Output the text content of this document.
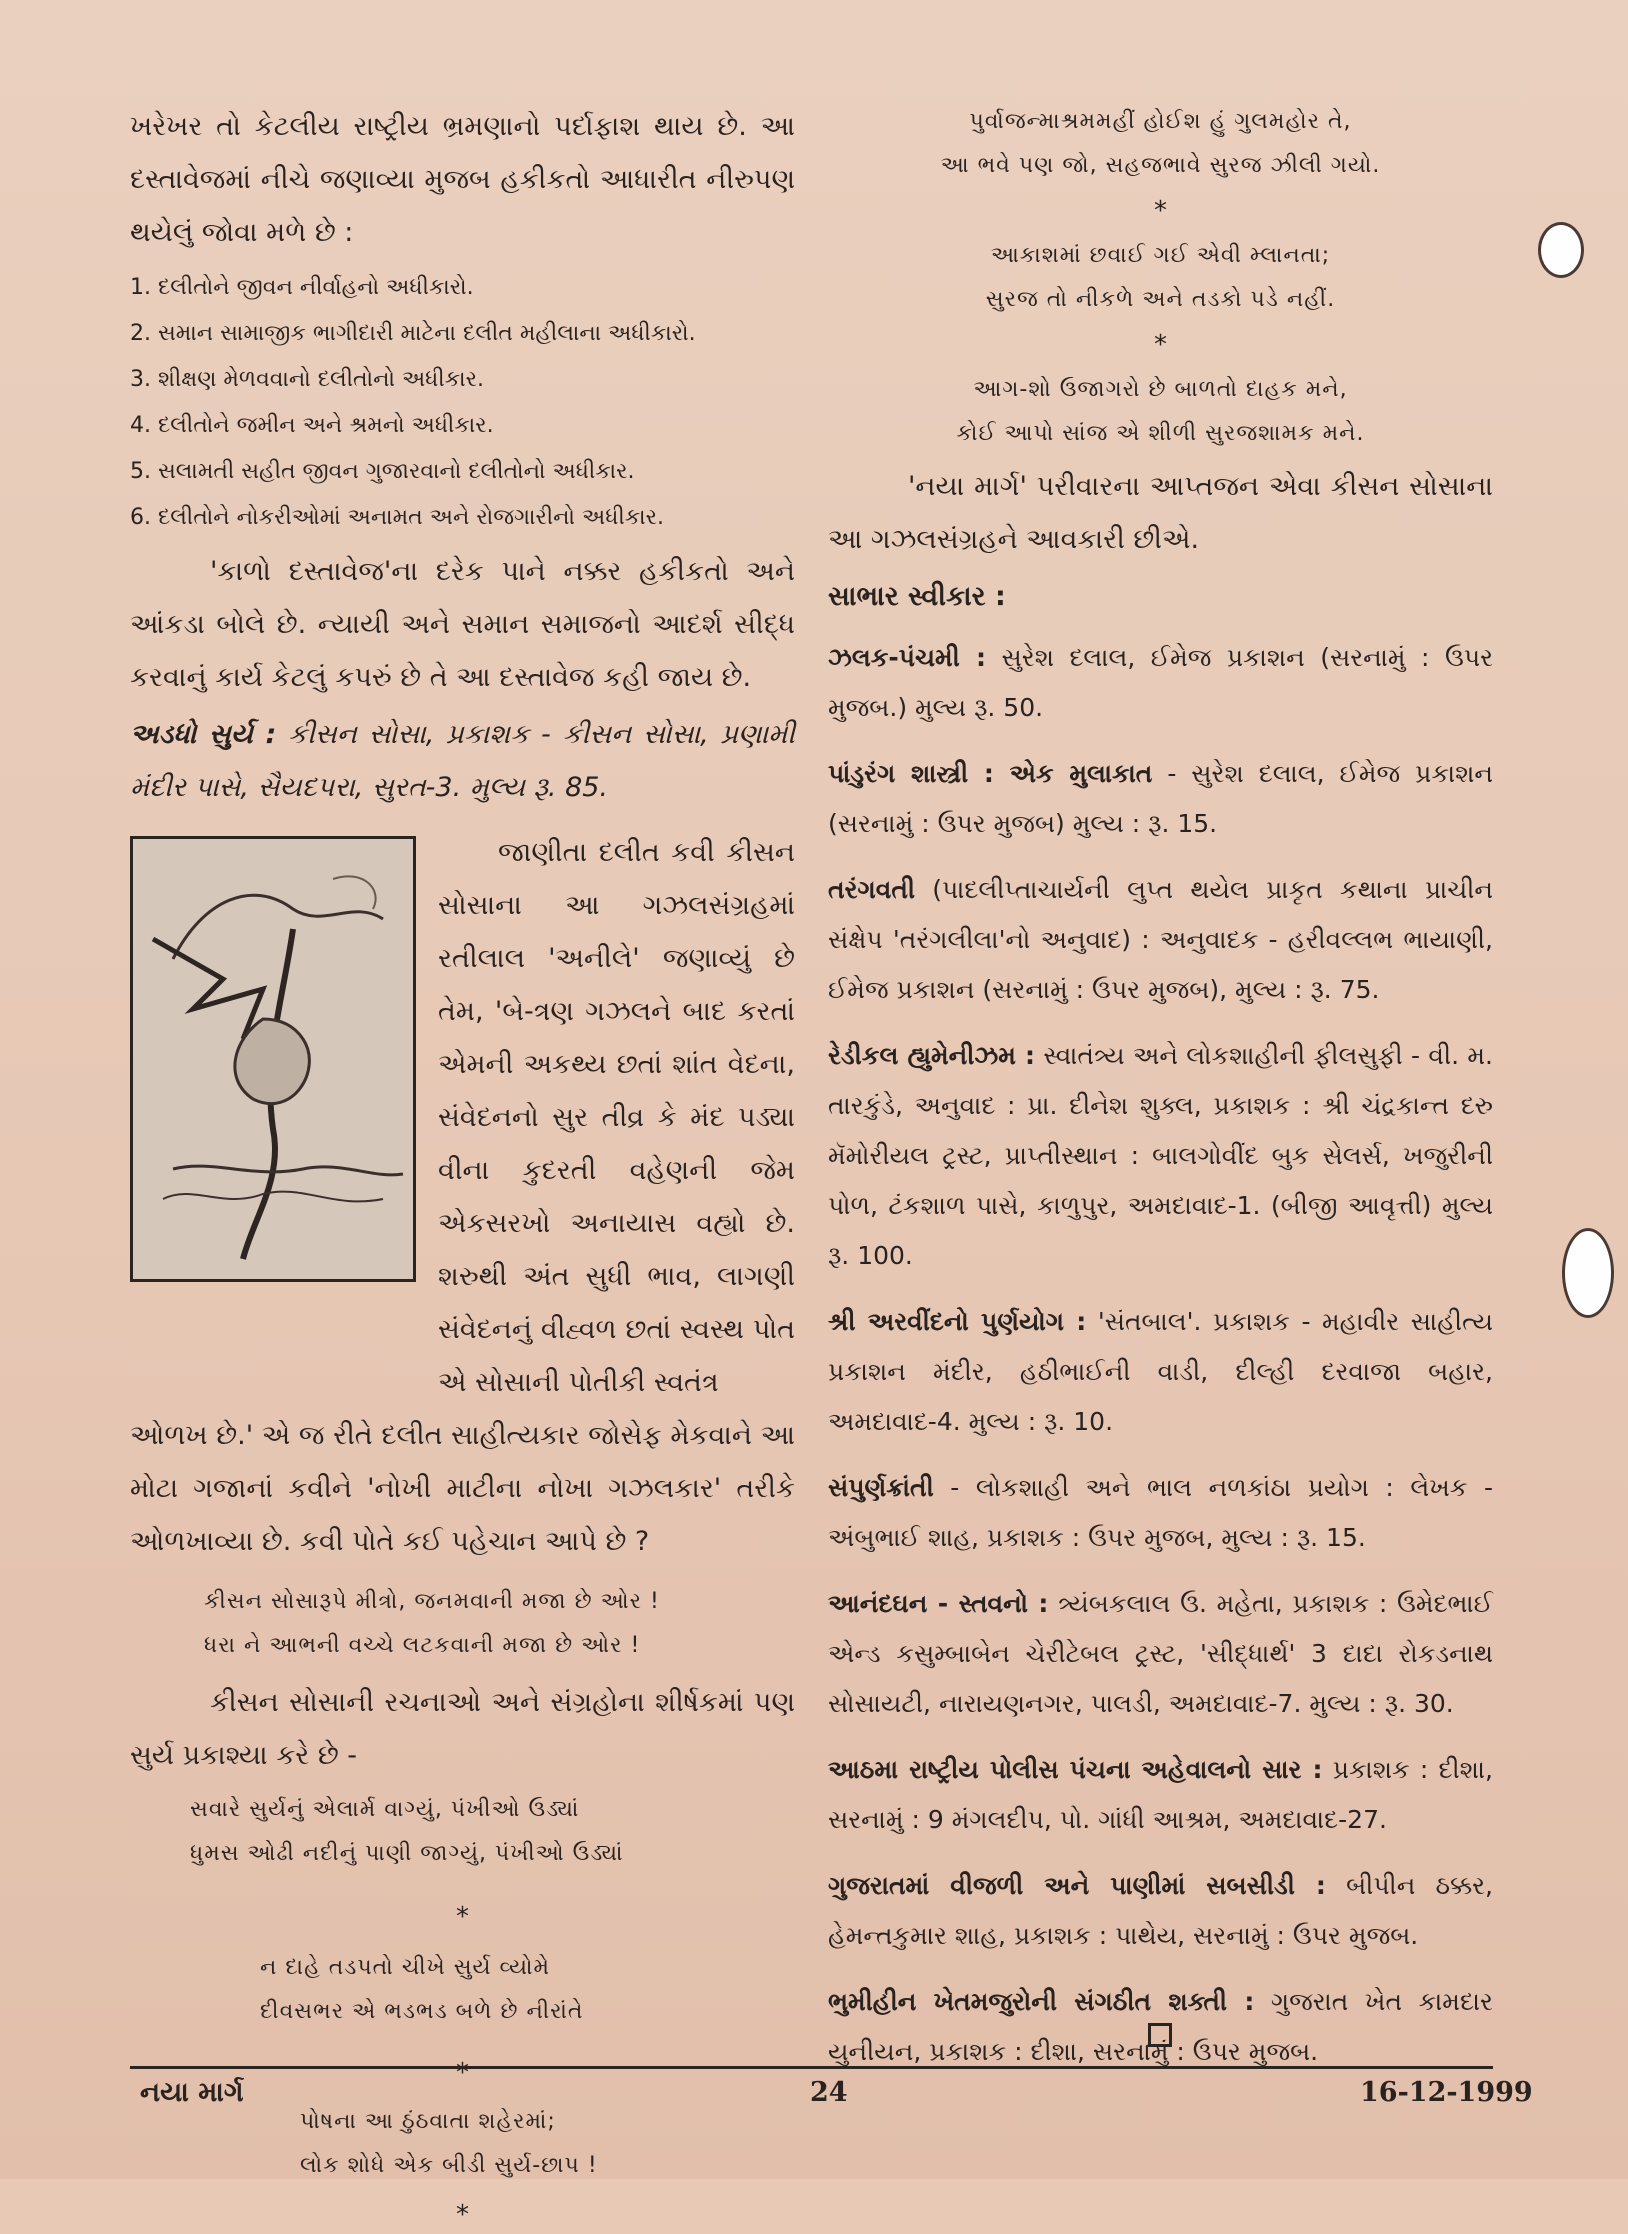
ખરેખર તો કેટલીય રાષ્ટ્રીય ભ્રમણાનો પર્દાફાશ થાય છે. આ દસ્તાવેજમાં નીચે જણાવ્યા મુજબ હકીકતો આધારીત નીરુપણ થયેલું જોવા મળે છે :

1. દલીતોને જીવન નીર્વાહનો અધીકારો.
2. સમાન સામાજીક ભાગીદારી માટેના દલીત મહીલાના અધીકારો.
3. શીક્ષણ મેળવવાનો દલીતોનો અધીકાર.
4. દલીતોને જમીન અને શ્રમનો અધીકાર.
5. સલામતી સહીત જીવન ગુજારવાનો દલીતોનો અધીકાર.
6. દલીતોને નોકરીઓમાં અનામત અને રોજગારીનો અધીકાર.

'કાળો દસ્તાવેજ'ના દરેક પાને નક્કર હકીકતો અને આંકડા બોલે છે. ન્યાયી અને સમાન સમાજનો આદર્શ સીદ્ધ કરવાનું કાર્ય કેટલું કપરું છે તે આ દસ્તાવેજ કહી જાય છે.

અડધો સુર્ય : કીસન સોસા, પ્રકાશક - કીસન સોસા, પ્રણામી મંદીર પાસે, સૈયદપરા, સુરત-3. મુલ્ય રૂ. 85.

જાણીતા દલીત કવી કીસન સોસાના આ ગઝલસંગ્રહમાં રતીલાલ 'અનીલે' જણાવ્યું છે તેમ, 'બે-ત્રણ ગઝલને બાદ કરતાં એમની અકથ્ય છતાં શાંત વેદના, સંવેદનનો સુર તીવ્ર કે મંદ પડ્યા વીના કુદરતી વહેણની જેમ એકસરખો અનાયાસ વહ્યો છે. શરુથી અંત સુધી ભાવ, લાગણી સંવેદનનું વીહ્વળ છતાં સ્વસ્થ પોત એ સોસાની પોતીકી સ્વતંત્ર

ઓળખ છે.' એ જ રીતે દલીત સાહીત્યકાર જોસેફ મેકવાને આ મોટા ગજાનાં કવીને 'નોખી માટીના નોખા ગઝલકાર' તરીકે ઓળખાવ્યા છે. કવી પોતે કઈ પહેચાન આપે છે ?

કીસન સોસારૂપે મીત્રો, જનમવાની મજા છે ઓર !
ધરા ને આભની વચ્ચે લટકવાની મજા છે ઓર !

કીસન સોસાની રચનાઓ અને સંગ્રહોના શીર્ષકમાં પણ સુર્ય પ્રકાશ્યા કરે છે -

સવારે સુર્યનું એલાર્મ વાગ્યું, પંખીઓ ઉડ્યાં
ધુમસ ઓઢી નદીનું પાણી જાગ્યું, પંખીઓ ઉડ્યાં
*
ન દાહે તડપતો ચીખે સુર્ય વ્યોમે
દીવસભર એ ભડભડ બળે છે નીરાંતે
*
પોષના આ ઠુંઠવાતા શહેરમાં;
લોક શોધે એક બીડી સુર્ય-છાપ !
*
પુર્વાજન્માશ્રમમહીં હોઈશ હું ગુલમહોર તે,
આ ભવે પણ જો, સહજભાવે સુરજ ઝીલી ગયો.
*
આકાશમાં છવાઈ ગઈ એવી મ્લાનતા;
સુરજ તો નીકળે અને તડકો પડે નહીં.
*
આગ-શો ઉજાગરો છે બાળતો દાહક મને,
કોઈ આપો સાંજ એ શીળી સુરજશામક મને.

'નયા માર્ગ' પરીવારના આપ્તજન એવા કીસન સોસાના આ ગઝલસંગ્રહને આવકારી છીએ.

સાભાર સ્વીકાર :

ઝલક-પંચમી : સુરેશ દલાલ, ઈમેજ પ્રકાશન (સરનામું : ઉપર મુજબ.) મુલ્ય રૂ. 50.

પાંડુરંગ શાસ્ત્રી : એક મુલાકાત - સુરેશ દલાલ, ઈમેજ પ્રકાશન (સરનામું : ઉપર મુજબ) મુલ્ય : રૂ. 15.

તરંગવતી (પાદલીપ્તાચાર્યની લુપ્ત થયેલ પ્રાકૃત કથાના પ્રાચીન સંક્ષેપ 'તરંગલીલા'નો અનુવાદ) : અનુવાદક - હરીવલ્લભ ભાયાણી, ઈમેજ પ્રકાશન (સરનામું : ઉપર મુજબ), મુલ્ય : રૂ. 75.

રેડીકલ હ્યુમેનીઝમ : સ્વાતંત્ર્ય અને લોકશાહીની ફીલસુફી - વી. મ. તારકુંડે, અનુવાદ : પ્રા. દીનેશ શુક્લ, પ્રકાશક : શ્રી ચંદ્રકાન્ત દરુ મૅમોરીયલ ટ્રસ્ટ, પ્રાપ્તીસ્થાન : બાલગોવીંદ બુક સેલર્સ, ખજુરીની પોળ, ટંકશાળ પાસે, કાળુપુર, અમદાવાદ-1. (બીજી આવૃત્તી) મુલ્ય રૂ. 100.

શ્રી અરવીંદનો પુર્ણયોગ : 'સંતબાલ'. પ્રકાશક - મહાવીર સાહીત્ય પ્રકાશન મંદીર, હઠીભાઈની વાડી, દીલ્હી દરવાજા બહાર, અમદાવાદ-4. મુલ્ય : રૂ. 10.

સંપુર્ણક્રાંતી - લોકશાહી અને ભાલ નળકાંઠા પ્રયોગ : લેખક - અંબુભાઈ શાહ, પ્રકાશક : ઉપર મુજબ, મુલ્ય : રૂ. 15.

આનંદઘન - સ્તવનો : ત્ર્યંબકલાલ ઉ. મહેતા, પ્રકાશક : ઉમેદભાઈ એન્ડ કસુમ્બાબેન ચેરીટેબલ ટ્રસ્ટ, 'સીદ્ધાર્થ' 3 દાદા રોકડનાથ સોસાયટી, નારાયણનગર, પાલડી, અમદાવાદ-7. મુલ્ય : રૂ. 30.

આઠમા રાષ્ટ્રીય પોલીસ પંચના અહેવાલનો સાર : પ્રકાશક : દીશા, સરનામું : 9 મંગલદીપ, પો. ગાંધી આશ્રમ, અમદાવાદ-27.

ગુજરાતમાં વીજળી અને પાણીમાં સબસીડી : બીપીન ઠક્કર, હેમન્તકુમાર શાહ, પ્રકાશક : પાથેય, સરનામું : ઉપર મુજબ.

ભુમીહીન ખેતમજુરોની સંગઠીત શક્તી : ગુજરાત ખેત કામદાર યુનીયન, પ્રકાશક : દીશા, સરનામું : ઉપર મુજબ.

નયા માર્ગ	24	16-12-1999
